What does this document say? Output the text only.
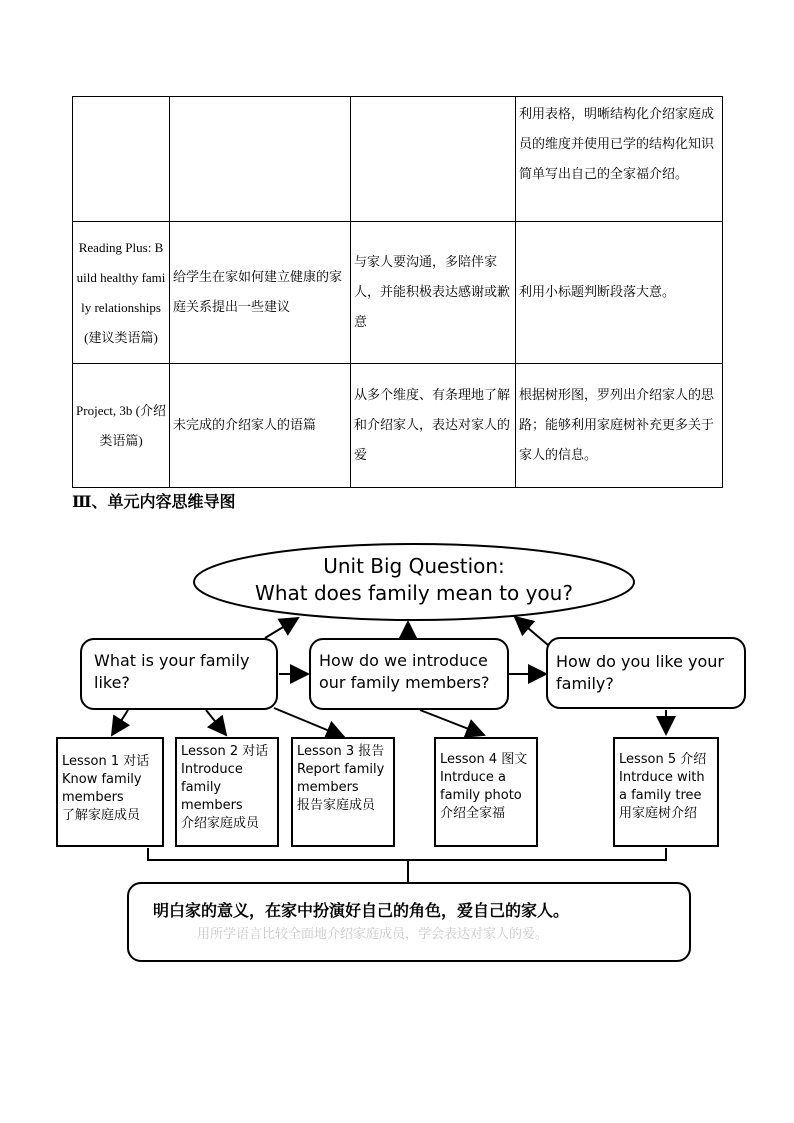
			利用表格，明晰结构化介绍家庭成员的维度并使用已学的结构化知识简单写出自己的全家福介绍。
Reading Plus: Build healthy family relationships(建议类语篇)	给学生在家如何建立健康的家庭关系提出一些建议	与家人要沟通，多陪伴家人，并能积极表达感谢或歉意	利用小标题判断段落大意。
Project, 3b (介绍类语篇)	未完成的介绍家人的语篇	从多个维度、有条理地了解和介绍家人，表达对家人的爱	根据树形图，罗列出介绍家人的思路；能够利用家庭树补充更多关于家人的信息。
Ⅲ、单元内容思维导图
Unit Big Question:
What does family mean to you?
What is your family like?
How do we introduce our family members?
How do you like your family?
Lesson 1 对话
Know family members
了解家庭成员
Lesson 2 对话
Introduce family members
介绍家庭成员
Lesson 3 报告
Report family members
报告家庭成员
Lesson 4 图文
Intrduce a family photo
介绍全家福
Lesson 5 介绍
Intrduce with a family tree
用家庭树介绍
明白家的意义，在家中扮演好自己的角色，爱自己的家人。
用所学语言比较全面地介绍家庭成员，学会表达对家人的爱。
